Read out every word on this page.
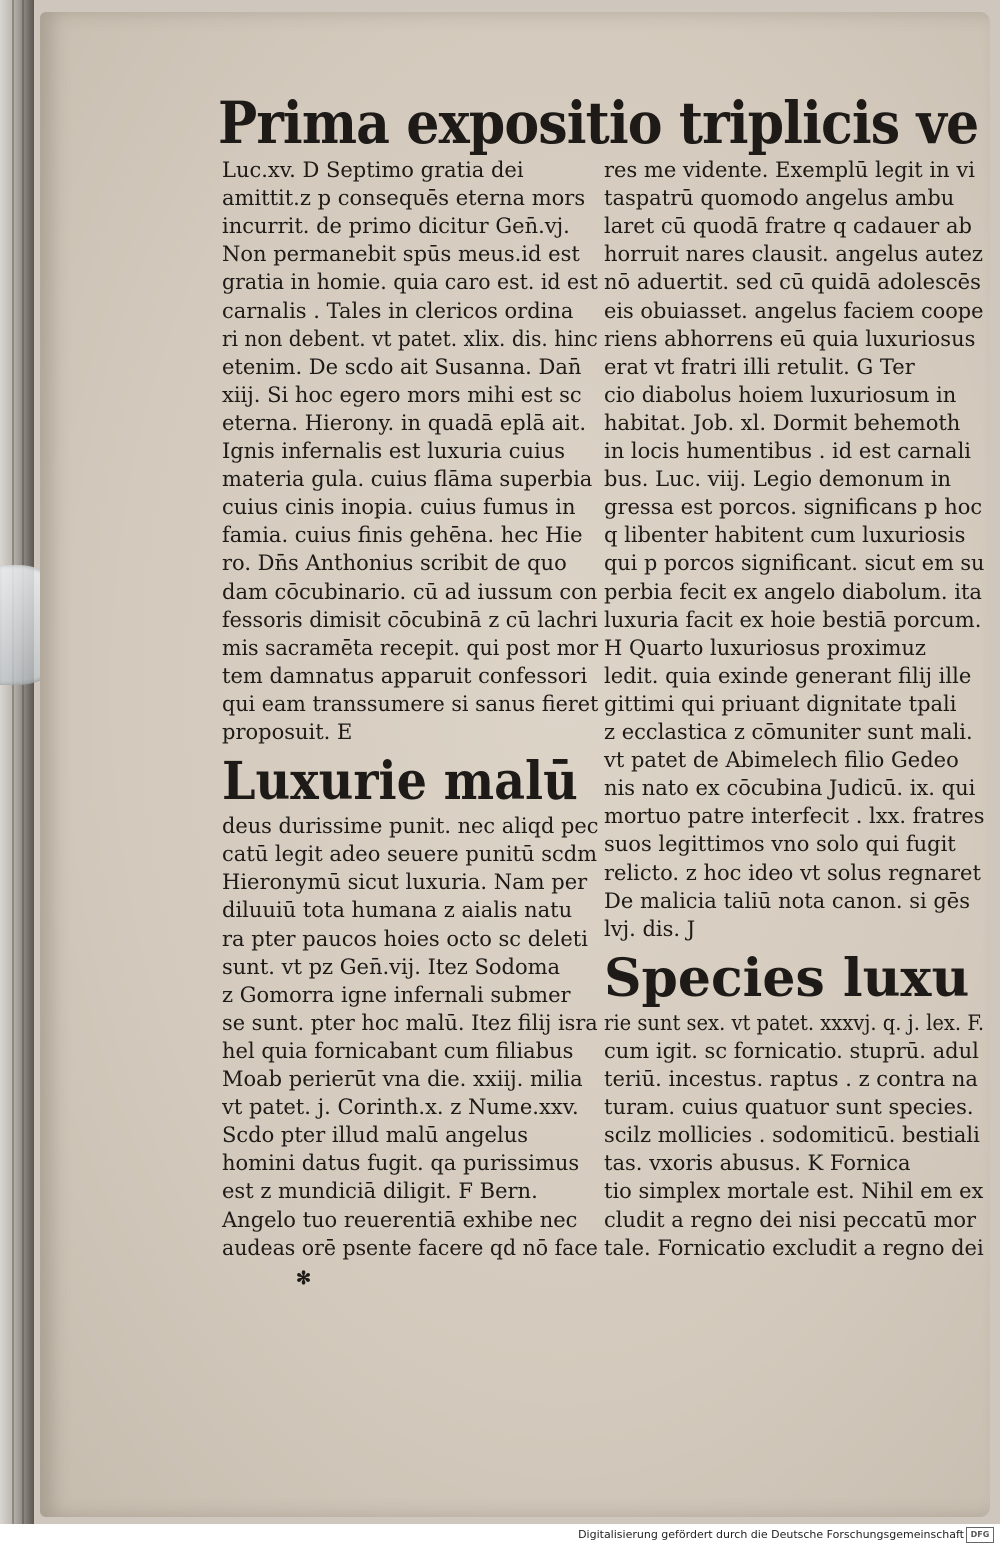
Prima expositio triplicis ve
Luc.xv. D Septimo gratia dei
amittit.z p consequēs eterna mors
incurrit. de primo dicitur Gen̄.vj.
Non permanebit spūs meus.id est
gratia in homie. quia caro est. id est
carnalis . Tales in clericos ordina
ri non debent. vt patet. xlix. dis. hinc
etenim. De scdo ait Susanna. Dan̄
xiij. Si hoc egero mors mihi est sc
eterna. Hierony. in quadā eplā ait.
Ignis infernalis est luxuria cuius
materia gula. cuius flāma superbia
cuius cinis inopia. cuius fumus in
famia. cuius finis gehēna. hec Hie
ro. Dn̄s Anthonius scribit de quo
dam cōcubinario. cū ad iussum con
fessoris dimisit cōcubinā z cū lachri
mis sacramēta recepit. qui post mor
tem damnatus apparuit confessori
qui eam transsumere si sanus fieret
proposuit. E
Luxurie malū
deus durissime punit. nec aliqd pec
catū legit adeo seuere punitū scdm
Hieronymū sicut luxuria. Nam per
diluuiū tota humana z aialis natu
ra pter paucos hoies octo sc deleti
sunt. vt pz Gen̄.vij. Itez Sodoma
z Gomorra igne infernali submer
se sunt. pter hoc malū. Itez filij isra
hel quia fornicabant cum filiabus
Moab perierūt vna die. xxiij. milia
vt patet. j. Corinth.x. z Nume.xxv.
Scdo pter illud malū angelus
homini datus fugit. qa purissimus
est z mundiciā diligit. F Bern.
Angelo tuo reuerentiā exhibe nec
audeas orē psente facere qd nō face
res me vidente. Exemplū legit in vi
taspatrū quomodo angelus ambu
laret cū quodā fratre q cadauer ab
horruit nares clausit. angelus autez
nō aduertit. sed cū quidā adolescēs
eis obuiasset. angelus faciem coope
riens abhorrens eū quia luxuriosus
erat vt fratri illi retulit. G Ter
cio diabolus hoiem luxuriosum in
habitat. Job. xl. Dormit behemoth
in locis humentibus . id est carnali
bus. Luc. viij. Legio demonum in
gressa est porcos. significans p hoc
q libenter habitent cum luxuriosis
qui p porcos significant. sicut em su
perbia fecit ex angelo diabolum. ita
luxuria facit ex hoie bestiā porcum.
H Quarto luxuriosus proximuz
ledit. quia exinde generant filij ille
gittimi qui priuant dignitate tpali
z ecclastica z cōmuniter sunt mali.
vt patet de Abimelech filio Gedeo
nis nato ex cōcubina Judicū. ix. qui
mortuo patre interfecit . lxx. fratres
suos legittimos vno solo qui fugit
relicto. z hoc ideo vt solus regnaret
De malicia taliū nota canon. si gēs
lvj. dis. J
Species luxu
rie sunt sex. vt patet. xxxvj. q. j. lex. F.
cum igit. sc fornicatio. stuprū. adul
teriū. incestus. raptus . z contra na
turam. cuius quatuor sunt species.
scilz mollicies . sodomiticū. bestiali
tas. vxoris abusus. K Fornica
tio simplex mortale est. Nihil em ex
cludit a regno dei nisi peccatū mor
tale. Fornicatio excludit a regno dei
✻
Digitalisierung gefördert durch die Deutsche Forschungsgemeinschaft DFG
